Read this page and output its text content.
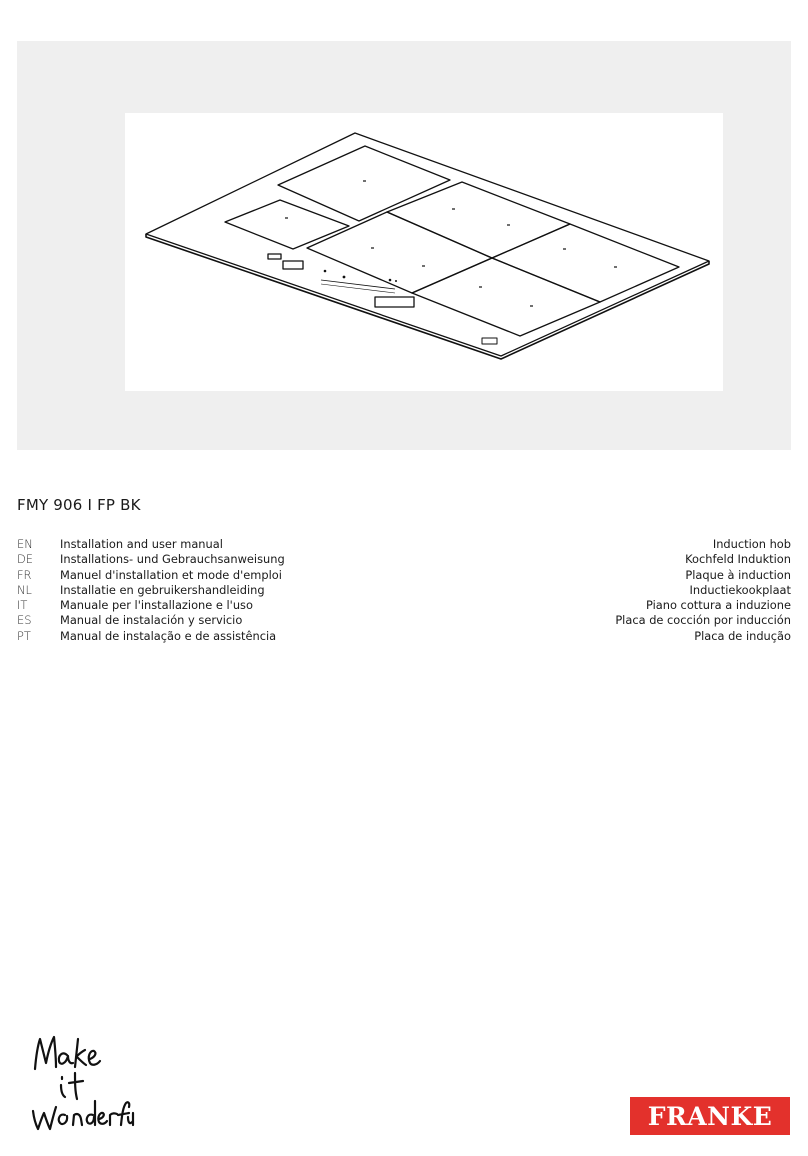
FMY 906 I FP BK
EN	Installation and user manual	Induction hob
DE	Installations- und Gebrauchsanweisung	Kochfeld Induktion
FR	Manuel d'installation et mode d'emploi	Plaque à induction
NL	Installatie en gebruikershandleiding	Inductiekookplaat
IT	Manuale per l'installazione e l'uso	Piano cottura a induzione
ES	Manual de instalación y servicio	Placa de cocción por inducción
PT	Manual de instalação e de assistência	Placa de indução
FRANKE
